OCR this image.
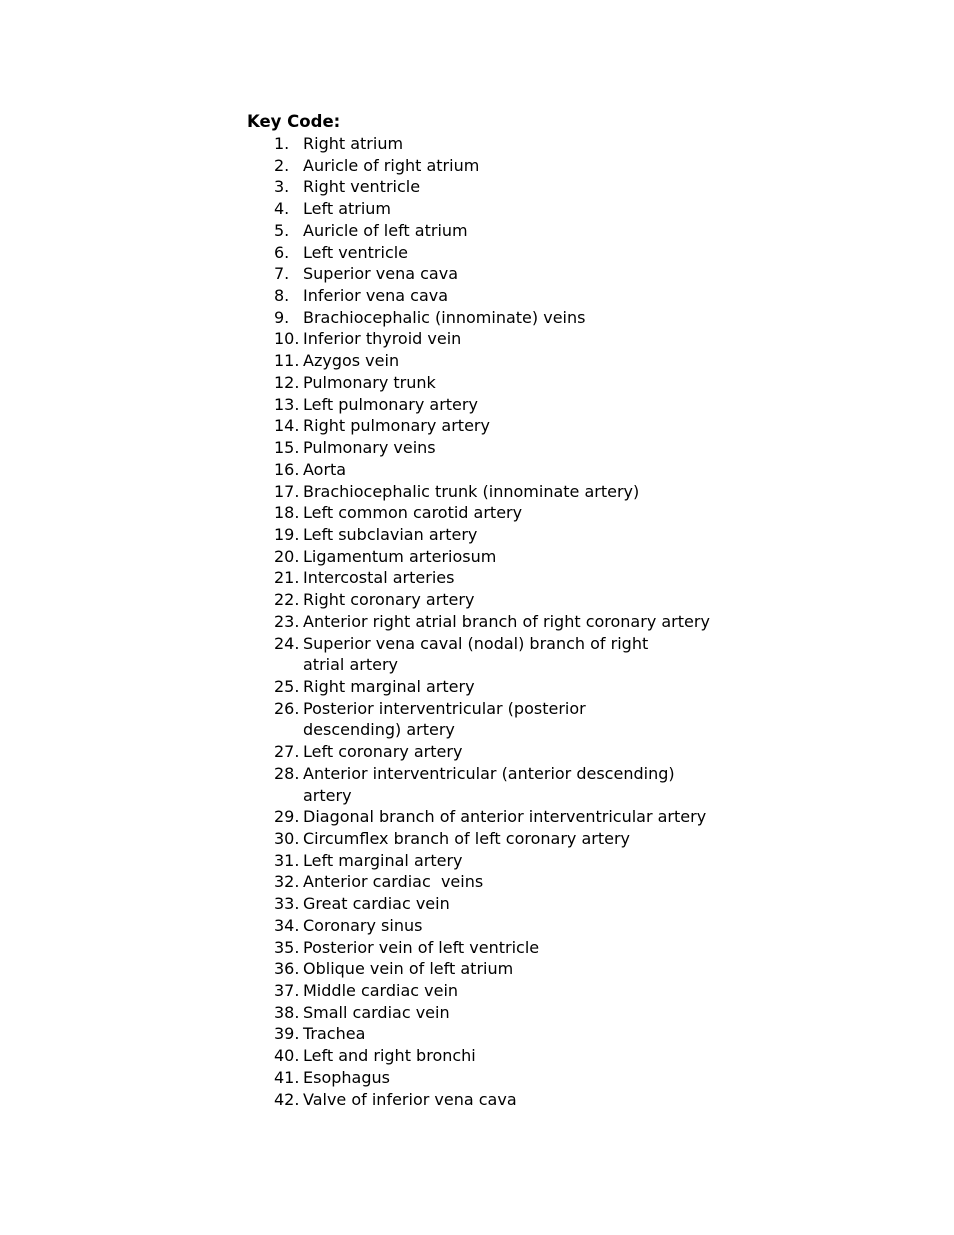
Key Code:
1. Right atrium
2. Auricle of right atrium
3. Right ventricle
4. Left atrium
5. Auricle of left atrium
6. Left ventricle
7. Superior vena cava
8. Inferior vena cava
9. Brachiocephalic (innominate) veins
10. Inferior thyroid vein
11. Azygos vein
12. Pulmonary trunk
13. Left pulmonary artery
14. Right pulmonary artery
15. Pulmonary veins
16. Aorta
17. Brachiocephalic trunk (innominate artery)
18. Left common carotid artery
19. Left subclavian artery
20. Ligamentum arteriosum
21. Intercostal arteries
22. Right coronary artery
23. Anterior right atrial branch of right coronary artery
24. Superior vena caval (nodal) branch of right atrial artery
25. Right marginal artery
26. Posterior interventricular (posterior descending) artery
27. Left coronary artery
28. Anterior interventricular (anterior descending) artery
29. Diagonal branch of anterior interventricular artery
30. Circumflex branch of left coronary artery
31. Left marginal artery
32. Anterior cardiac  veins
33. Great cardiac vein
34. Coronary sinus
35. Posterior vein of left ventricle
36. Oblique vein of left atrium
37. Middle cardiac vein
38. Small cardiac vein
39. Trachea
40. Left and right bronchi
41. Esophagus
42. Valve of inferior vena cava
